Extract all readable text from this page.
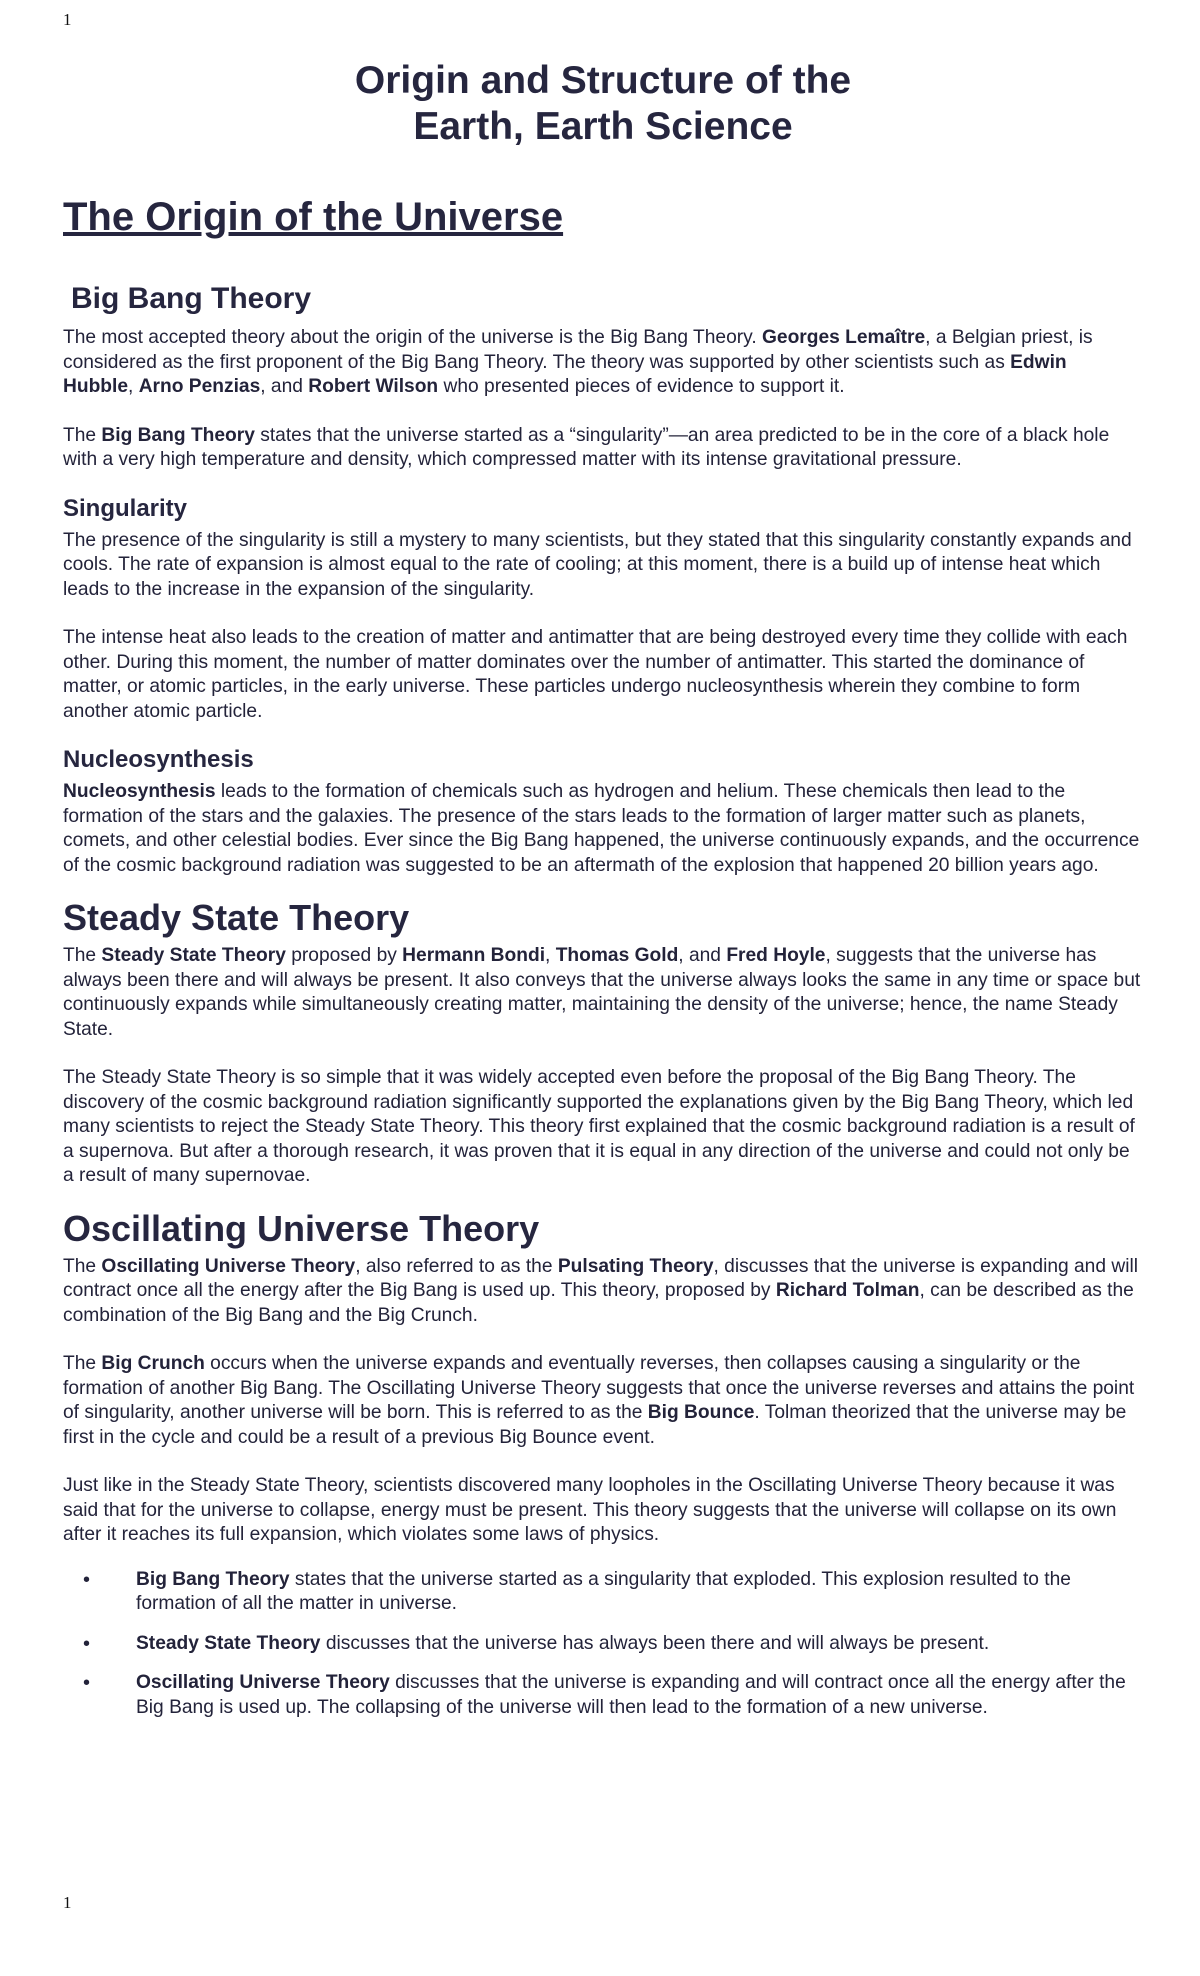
1
Origin and Structure of the
Earth, Earth Science
The Origin of the Universe
Big Bang Theory

The most accepted theory about the origin of the universe is the Big Bang Theory. Georges Lemaître, a Belgian priest, is considered as the first proponent of the Big Bang Theory. The theory was supported by other scientists such as Edwin Hubble, Arno Penzias, and Robert Wilson who presented pieces of evidence to support it.

The Big Bang Theory states that the universe started as a “singularity”—an area predicted to be in the core of a black hole with a very high temperature and density, which compressed matter with its intense gravitational pressure.

Singularity

The presence of the singularity is still a mystery to many scientists, but they stated that this singularity constantly expands and cools. The rate of expansion is almost equal to the rate of cooling; at this moment, there is a build up of intense heat which leads to the increase in the expansion of the singularity.

The intense heat also leads to the creation of matter and antimatter that are being destroyed every time they collide with each other. During this moment, the number of matter dominates over the number of antimatter. This started the dominance of matter, or atomic particles, in the early universe. These particles undergo nucleosynthesis wherein they combine to form another atomic particle.

Nucleosynthesis

Nucleosynthesis leads to the formation of chemicals such as hydrogen and helium. These chemicals then lead to the formation of the stars and the galaxies. The presence of the stars leads to the formation of larger matter such as planets, comets, and other celestial bodies. Ever since the Big Bang happened, the universe continuously expands, and the occurrence of the cosmic background radiation was suggested to be an aftermath of the explosion that happened 20 billion years ago.

Steady State Theory

The Steady State Theory proposed by Hermann Bondi, Thomas Gold, and Fred Hoyle, suggests that the universe has always been there and will always be present. It also conveys that the universe always looks the same in any time or space but continuously expands while simultaneously creating matter, maintaining the density of the universe; hence, the name Steady State.

The Steady State Theory is so simple that it was widely accepted even before the proposal of the Big Bang Theory. The discovery of the cosmic background radiation significantly supported the explanations given by the Big Bang Theory, which led many scientists to reject the Steady State Theory. This theory first explained that the cosmic background radiation is a result of a supernova. But after a thorough research, it was proven that it is equal in any direction of the universe and could not only be a result of many supernovae.

Oscillating Universe Theory

The Oscillating Universe Theory, also referred to as the Pulsating Theory, discusses that the universe is expanding and will contract once all the energy after the Big Bang is used up. This theory, proposed by Richard Tolman, can be described as the combination of the Big Bang and the Big Crunch.

The Big Crunch occurs when the universe expands and eventually reverses, then collapses causing a singularity or the formation of another Big Bang. The Oscillating Universe Theory suggests that once the universe reverses and attains the point of singularity, another universe will be born. This is referred to as the Big Bounce. Tolman theorized that the universe may be first in the cycle and could be a result of a previous Big Bounce event.

Just like in the Steady State Theory, scientists discovered many loopholes in the Oscillating Universe Theory because it was said that for the universe to collapse, energy must be present. This theory suggests that the universe will collapse on its own after it reaches its full expansion, which violates some laws of physics.

• Big Bang Theory states that the universe started as a singularity that exploded. This explosion resulted to the formation of all the matter in universe.
• Steady State Theory discusses that the universe has always been there and will always be present.
• Oscillating Universe Theory discusses that the universe is expanding and will contract once all the energy after the Big Bang is used up. The collapsing of the universe will then lead to the formation of a new universe.
1
